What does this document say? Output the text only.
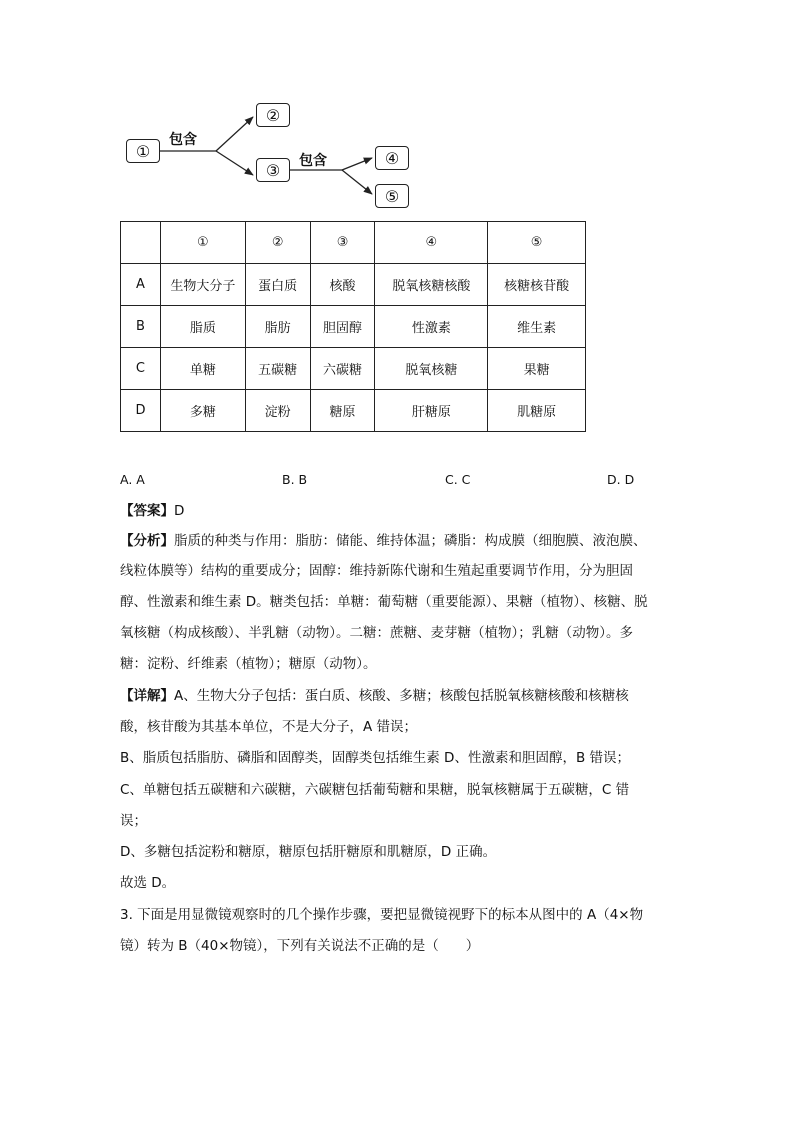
①
②
③
④
⑤
包含
包含
	①	②	③	④	⑤
A	生物大分子	蛋白质	核酸	脱氧核糖核酸	核糖核苷酸
B	脂质	脂肪	胆固醇	性激素	维生素
C	单糖	五碳糖	六碳糖	脱氧核糖	果糖
D	多糖	淀粉	糖原	肝糖原	肌糖原
A. A	B. B	C. C	D. D
【答案】D
【分析】脂质的种类与作用：脂肪：储能、维持体温；磷脂：构成膜（细胞膜、液泡膜、
线粒体膜等）结构的重要成分；固醇：维持新陈代谢和生殖起重要调节作用，分为胆固
醇、性激素和维生素 D。糖类包括：单糖：葡萄糖（重要能源）、果糖（植物）、核糖、脱
氧核糖（构成核酸）、半乳糖（动物）。二糖：蔗糖、麦芽糖（植物）；乳糖（动物）。多
糖：淀粉、纤维素（植物）；糖原（动物）。
【详解】A、生物大分子包括：蛋白质、核酸、多糖；核酸包括脱氧核糖核酸和核糖核
酸，核苷酸为其基本单位，不是大分子，A 错误；
B、脂质包括脂肪、磷脂和固醇类，固醇类包括维生素 D、性激素和胆固醇，B 错误；
C、单糖包括五碳糖和六碳糖，六碳糖包括葡萄糖和果糖，脱氧核糖属于五碳糖，C 错
误；
D、多糖包括淀粉和糖原，糖原包括肝糖原和肌糖原，D 正确。
故选 D。
3. 下面是用显微镜观察时的几个操作步骤，要把显微镜视野下的标本从图中的 A（4×物
镜）转为 B（40×物镜），下列有关说法不正确的是（　　）
